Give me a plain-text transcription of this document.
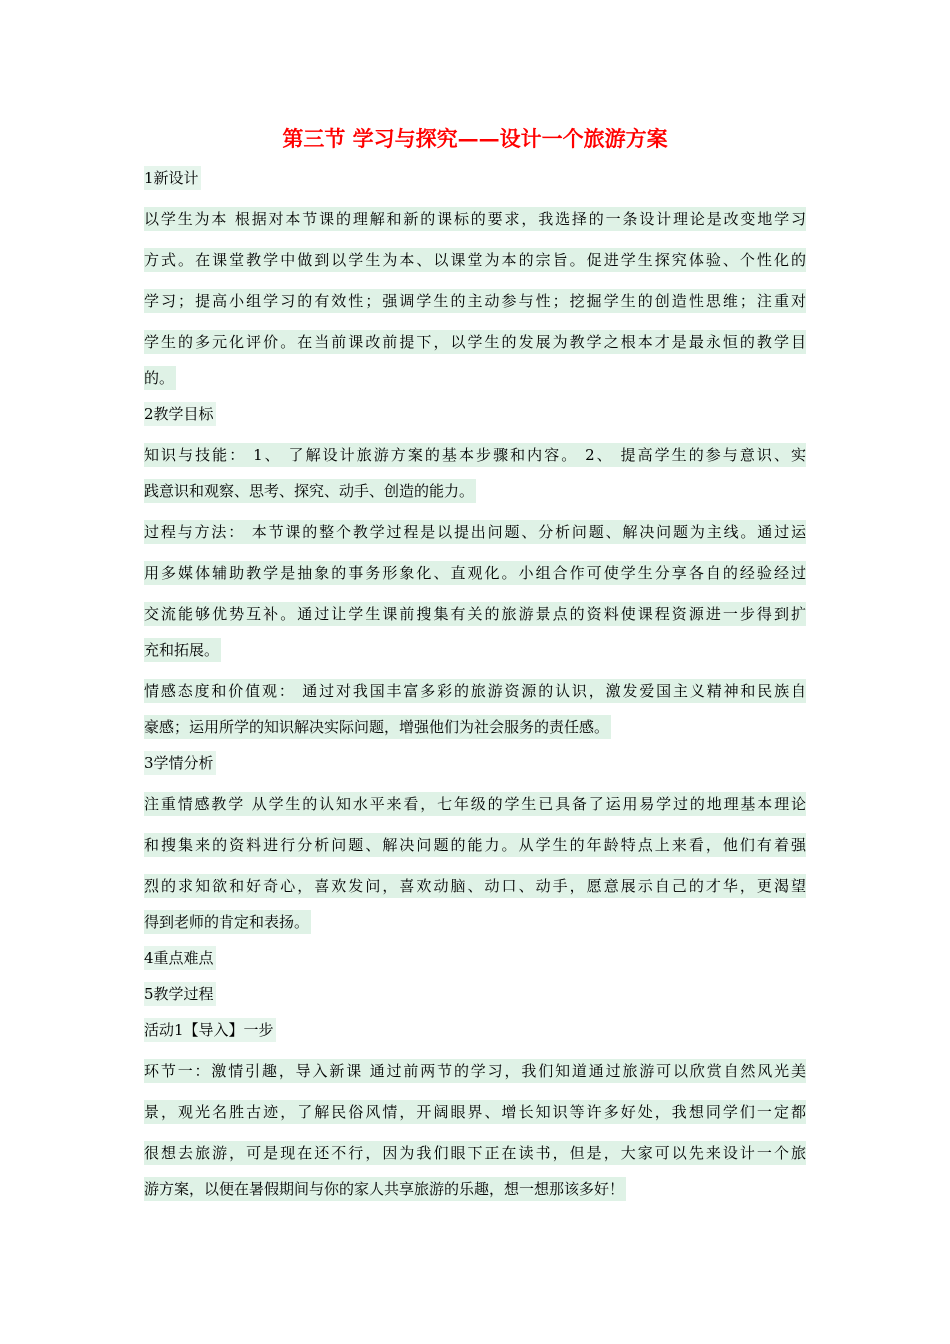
第三节 学习与探究——设计一个旅游方案
1新设计
以学生为本 根据对本节课的理解和新的课标的要求，我选择的一条设计理论是改变地学习
方式。在课堂教学中做到以学生为本、以课堂为本的宗旨。促进学生探究体验、个性化的
学习；提高小组学习的有效性；强调学生的主动参与性；挖掘学生的创造性思维；注重对
学生的多元化评价。在当前课改前提下，以学生的发展为教学之根本才是最永恒的教学目
的。
2教学目标
知识与技能： 1、 了解设计旅游方案的基本步骤和内容。 2、 提高学生的参与意识、实
践意识和观察、思考、探究、动手、创造的能力。
过程与方法： 本节课的整个教学过程是以提出问题、分析问题、解决问题为主线。通过运
用多媒体辅助教学是抽象的事务形象化、直观化。小组合作可使学生分享各自的经验经过
交流能够优势互补。通过让学生课前搜集有关的旅游景点的资料使课程资源进一步得到扩
充和拓展。
情感态度和价值观： 通过对我国丰富多彩的旅游资源的认识，激发爱国主义精神和民族自
豪感；运用所学的知识解决实际问题，增强他们为社会服务的责任感。
3学情分析
注重情感教学 从学生的认知水平来看，七年级的学生已具备了运用易学过的地理基本理论
和搜集来的资料进行分析问题、解决问题的能力。从学生的年龄特点上来看，他们有着强
烈的求知欲和好奇心，喜欢发问，喜欢动脑、动口、动手，愿意展示自己的才华，更渴望
得到老师的肯定和表扬。
4重点难点
5教学过程
活动1【导入】一步
环节一：激情引趣，导入新课 通过前两节的学习，我们知道通过旅游可以欣赏自然风光美
景，观光名胜古迹，了解民俗风情，开阔眼界、增长知识等许多好处，我想同学们一定都
很想去旅游，可是现在还不行，因为我们眼下正在读书，但是，大家可以先来设计一个旅
游方案，以便在暑假期间与你的家人共享旅游的乐趣，想一想那该多好！
